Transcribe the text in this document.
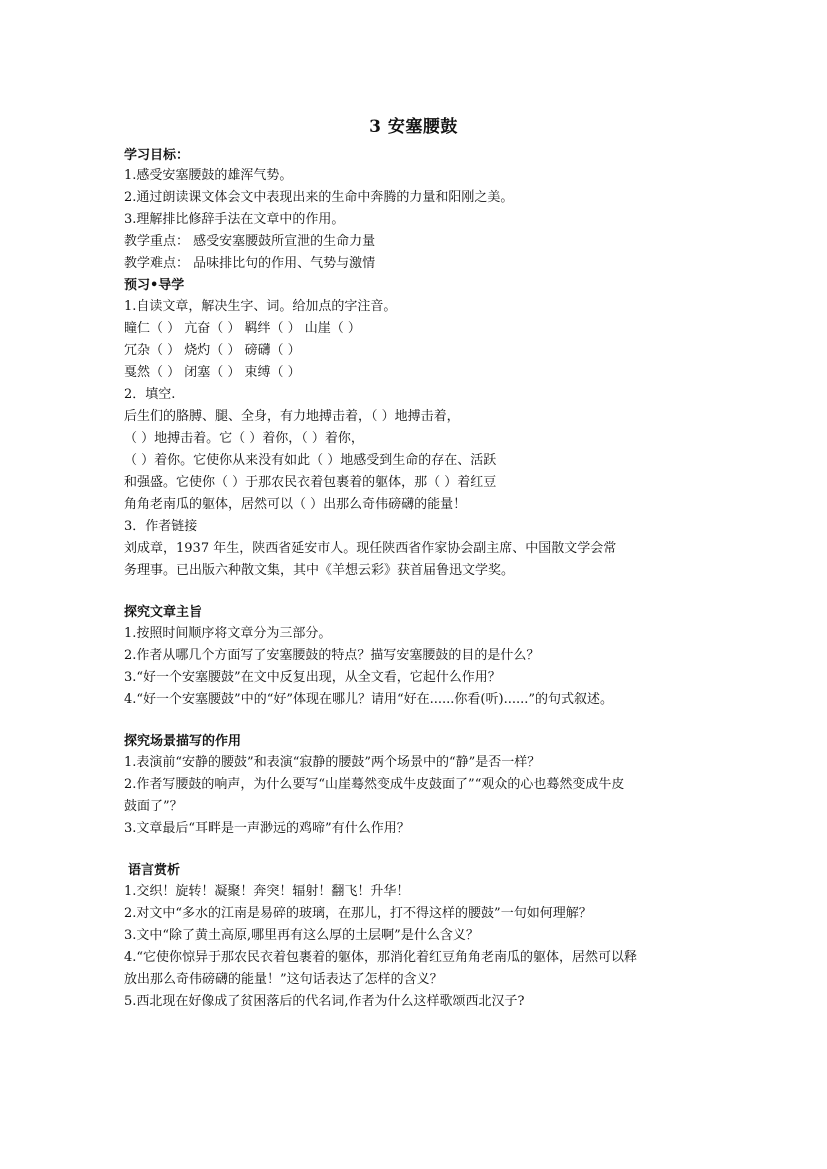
3 安塞腰鼓
学习目标：
1.感受安塞腰鼓的雄浑气势。
2.通过朗读课文体会文中表现出来的生命中奔腾的力量和阳刚之美。
3.理解排比修辞手法在文章中的作用。
教学重点： 感受安塞腰鼓所宣泄的生命力量
教学难点： 品味排比句的作用、气势与激情
预习•导学
1.自读文章，解决生字、词。给加点的字注音。
瞳仁（ ） 亢奋（ ） 羁绊（ ） 山崖（ ）
冗杂（ ） 烧灼（ ） 磅礴（ ）
戛然（ ） 闭塞（ ） 束缚（ ）
2．填空.
后生们的胳膊、腿、全身，有力地搏击着，（ ）地搏击着，
（ ）地搏击着。它（ ）着你，（ ）着你，
（ ）着你。它使你从来没有如此（ ）地感受到生命的存在、活跃
和强盛。它使你（ ）于那农民衣着包裹着的躯体，那（ ）着红豆
角角老南瓜的躯体，居然可以（ ）出那么奇伟磅礴的能量！
3．作者链接
刘成章，1937 年生，陕西省延安市人。现任陕西省作家协会副主席、中国散文学会常
务理事。已出版六种散文集，其中《羊想云彩》获首届鲁迅文学奖。
探究文章主旨
1.按照时间顺序将文章分为三部分。
2.作者从哪几个方面写了安塞腰鼓的特点？描写安塞腰鼓的目的是什么？
3.“好一个安塞腰鼓”在文中反复出现，从全文看，它起什么作用？
4.“好一个安塞腰鼓”中的“好”体现在哪儿？请用“好在......你看(听)......”的句式叙述。
探究场景描写的作用
1.表演前“安静的腰鼓”和表演“寂静的腰鼓”两个场景中的“静”是否一样？
2.作者写腰鼓的响声，为什么要写“山崖蓦然变成牛皮鼓面了”“观众的心也蓦然变成牛皮
鼓面了”？
3.文章最后“耳畔是一声渺远的鸡啼”有什么作用？
语言赏析
1.交织！旋转！凝聚！奔突！辐射！翻飞！升华！
2.对文中“多水的江南是易碎的玻璃，在那儿，打不得这样的腰鼓”一句如何理解？
3.文中“除了黄土高原,哪里再有这么厚的土层啊”是什么含义？
4.“它使你惊异于那农民衣着包裹着的躯体，那消化着红豆角角老南瓜的躯体，居然可以释
放出那么奇伟磅礴的能量！”这句话表达了怎样的含义？
5.西北现在好像成了贫困落后的代名词,作者为什么这样歌颂西北汉子?
